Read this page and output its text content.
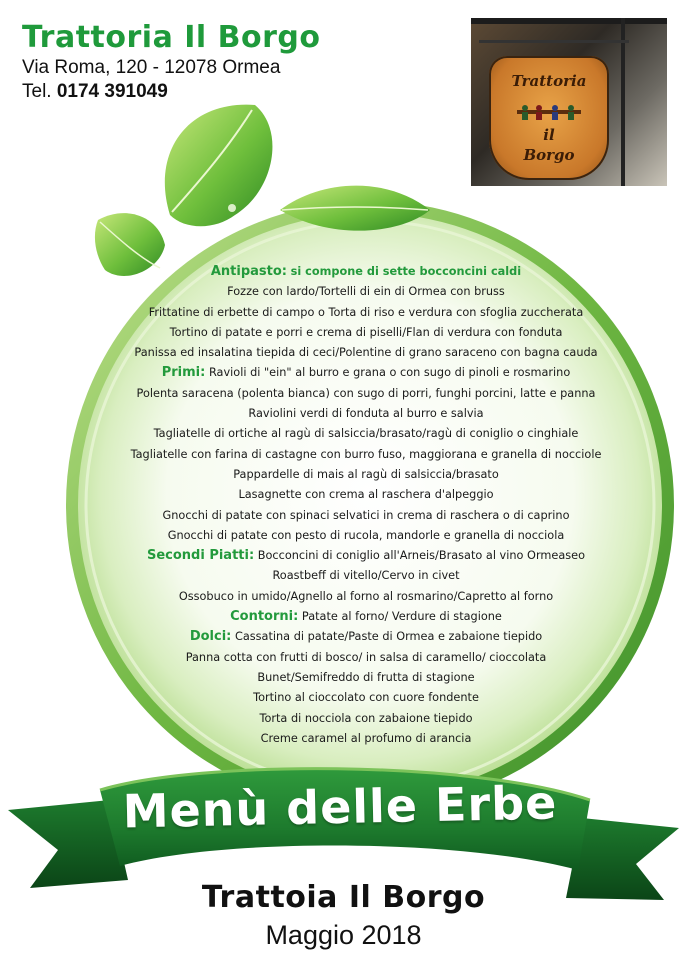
Trattoria Il Borgo
Via Roma, 120 - 12078 Ormea
Tel. 0174 391049	Trattoria
il
Borgo
Antipasto: si compone di sette bocconcini caldi
Fozze con lardo/Tortelli di ein di Ormea con bruss
Frittatine di erbette di campo o Torta di riso e verdura con sfoglia zuccherata
Tortino di patate e porri e crema di piselli/Flan di verdura con fonduta
Panissa ed insalatina tiepida di ceci/Polentine di grano saraceno con bagna cauda
Primi: Ravioli di "ein" al burro e grana o con sugo di pinoli e rosmarino
Polenta saracena (polenta bianca) con sugo di porri, funghi porcini, latte e panna
Raviolini verdi di fonduta al burro e salvia
Tagliatelle di ortiche al ragù di salsiccia/brasato/ragù di coniglio o cinghiale
Tagliatelle con farina di castagne con burro fuso, maggiorana e granella di nocciole
Pappardelle di mais al ragù di salsiccia/brasato
Lasagnette con crema al raschera d'alpeggio
Gnocchi di patate con spinaci selvatici in crema di raschera o di caprino
Gnocchi di patate con pesto di rucola, mandorle e granella di nocciola
Secondi Piatti: Bocconcini di coniglio all'Arneis/Brasato al vino Ormeaseo
Roastbeff di vitello/Cervo in civet
Ossobuco in umido/Agnello al forno al rosmarino/Capretto al forno
Contorni: Patate al forno/ Verdure di stagione
Dolci: Cassatina di patate/Paste di Ormea e zabaione tiepido
Panna cotta con frutti di bosco/ in salsa di caramello/ cioccolata
Bunet/Semifreddo di frutta di stagione
Tortino al cioccolato con cuore fondente
Torta di nocciola con zabaione tiepido
Creme caramel al profumo di arancia
Menù delle Erbe
Trattoia Il Borgo
Maggio 2018
